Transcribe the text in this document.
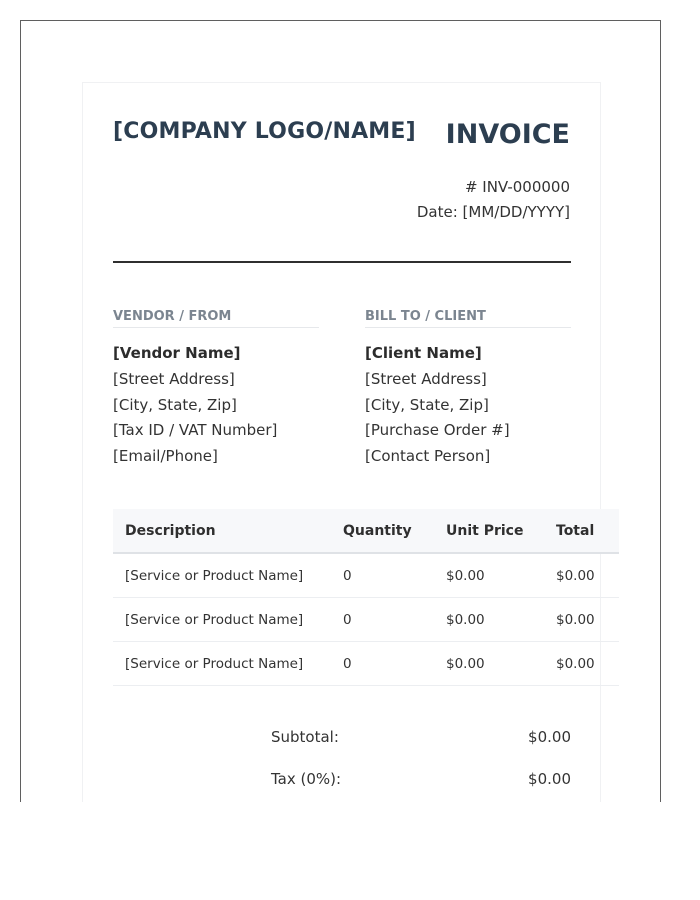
[COMPANY LOGO/NAME] INVOICE
# INV-000000
Date: [MM/DD/YYYY]
VENDOR / FROM
[Vendor Name]
[Street Address]
[City, State, Zip]
[Tax ID / VAT Number]
[Email/Phone]
BILL TO / CLIENT
[Client Name]
[Street Address]
[City, State, Zip]
[Purchase Order #]
[Contact Person]
Description	Quantity	Unit Price	Total
[Service or Product Name]	0	$0.00	$0.00
[Service or Product Name]	0	$0.00	$0.00
[Service or Product Name]	0	$0.00	$0.00
Subtotal:	$0.00
Tax (0%):	$0.00
